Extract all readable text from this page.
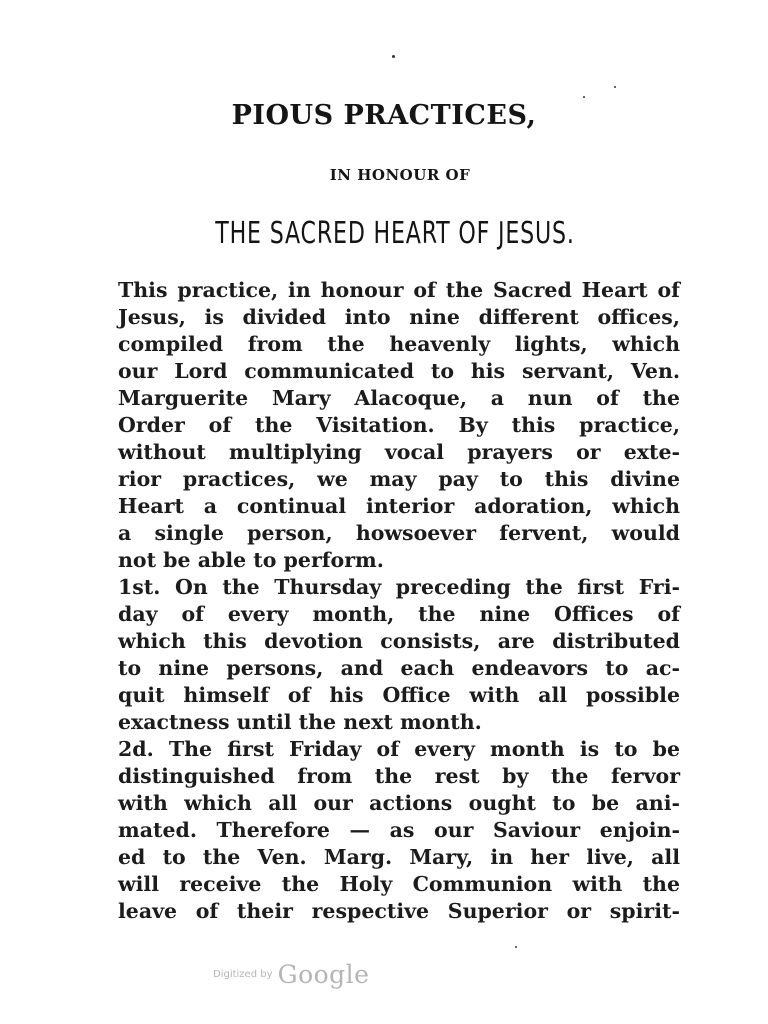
PIOUS PRACTICES,
IN HONOUR OF
THE SACRED HEART OF JESUS.

This practice, in honour of the Sacred Heart of
Jesus, is divided into nine different offices,
compiled from the heavenly lights, which
our Lord communicated to his servant, Ven.
Marguerite Mary Alacoque, a nun of the
Order of the Visitation. By this practice,
without multiplying vocal prayers or exte-
rior practices, we may pay to this divine
Heart a continual interior adoration, which
a single person, howsoever fervent, would
not be able to perform.

1st. On the Thursday preceding the first Fri-
day of every month, the nine Offices of
which this devotion consists, are distributed
to nine persons, and each endeavors to ac-
quit himself of his Office with all possible
exactness until the next month.

2d. The first Friday of every month is to be
distinguished from the rest by the fervor
with which all our actions ought to be ani-
mated. Therefore — as our Saviour enjoin-
ed to the Ven. Marg. Mary, in her live, all
will receive the Holy Communion with the
leave of their respective Superior or spirit-

Digitized by Google
